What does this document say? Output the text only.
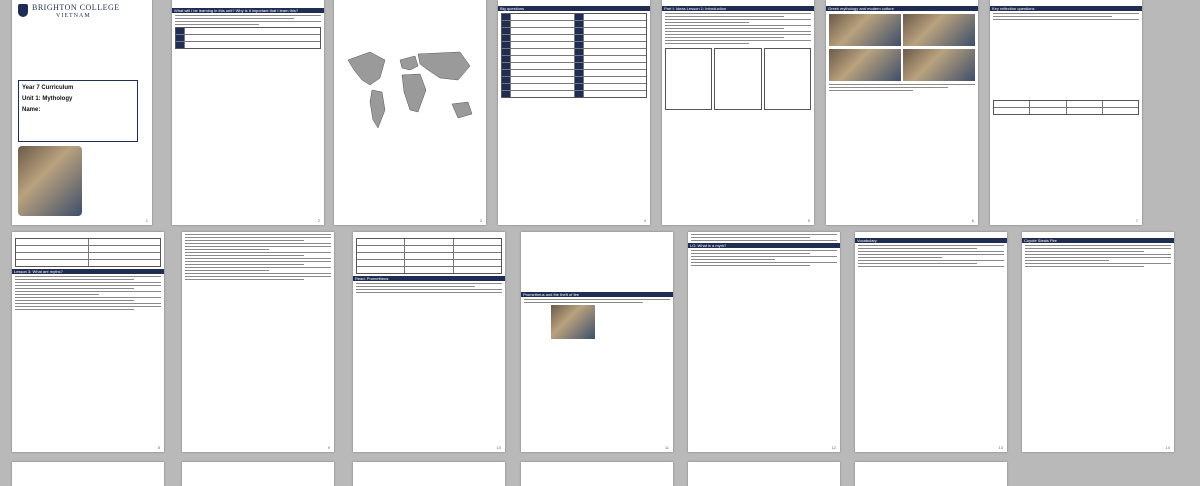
BRIGHTON COLLEGE
VIETNAM
Year 7 Curriculum
Unit 1: Mythology
Name:
1
What will I be learning in this unit? Why is it important that I learn this?
2	3
Big questions
4
Part I: Ideas Lesson 1: Introduction
5
Greek mythology and modern culture
6
Key reflection questions
7
Lesson 3: What are myths?
8	9
Read: Prometheus
10
Prometheus and the theft of fire
11
LO: What is a myth?
12
Vocabulary
13
Coyote Steals Fire
14
